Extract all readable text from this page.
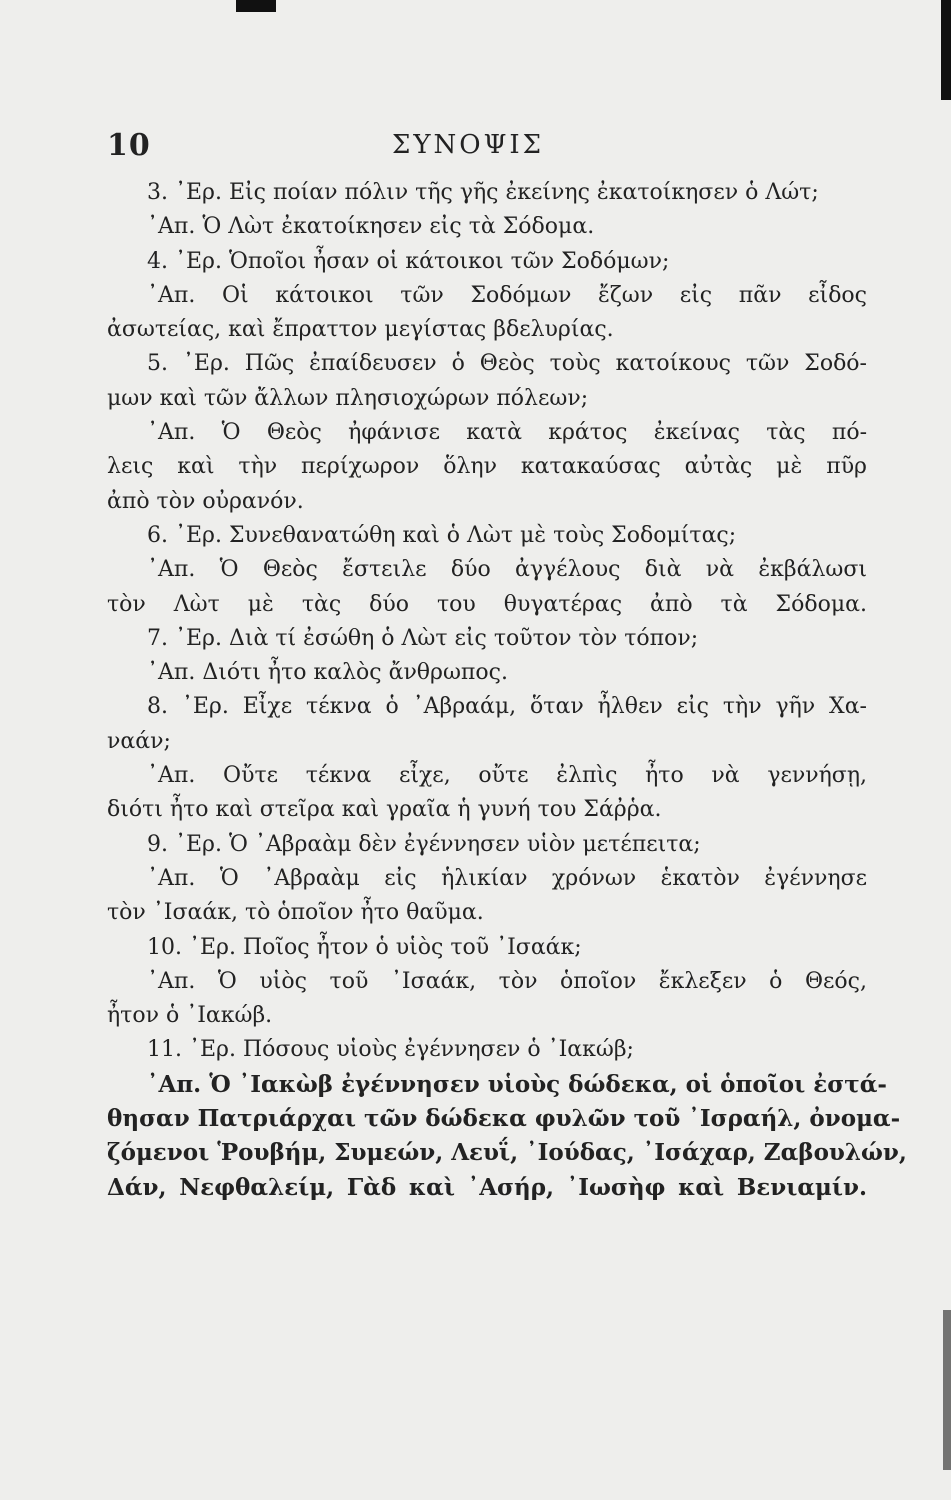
10	ΣΥΝΟΨΙΣ
3. ᾿Ερ. Εἰς ποίαν πόλιν τῆς γῆς ἐκείνης ἐκατοίκησεν ὁ Λώτ;
᾿Απ. Ὁ Λὼτ ἐκατοίκησεν εἰς τὰ Σόδομα.
4. ᾿Ερ. Ὁποῖοι ἦσαν οἱ κάτοικοι τῶν Σοδόμων;
᾿Απ. Οἱ κάτοικοι τῶν Σοδόμων ἔζων εἰς πᾶν εἶδος
ἀσωτείας, καὶ ἔπραττον μεγίστας βδελυρίας.
5. ᾿Ερ. Πῶς ἐπαίδευσεν ὁ Θεὸς τοὺς κατοίκους τῶν Σοδό-
μων καὶ τῶν ἄλλων πλησιοχώρων πόλεων;
᾿Απ. Ὁ Θεὸς ἠφάνισε κατὰ κράτος ἐκείνας τὰς πό-
λεις καὶ τὴν περίχωρον ὅλην κατακαύσας αὐτὰς μὲ πῦρ
ἀπὸ τὸν οὐρανόν.
6. ᾿Ερ. Συνεθανατώθη καὶ ὁ Λὼτ μὲ τοὺς Σοδομίτας;
᾿Απ. Ὁ Θεὸς ἔστειλε δύο ἀγγέλους διὰ νὰ ἐκβάλωσι
τὸν Λὼτ μὲ τὰς δύο του θυγατέρας ἀπὸ τὰ Σόδομα.
7. ᾿Ερ. Διὰ τί ἐσώθη ὁ Λὼτ εἰς τοῦτον τὸν τόπον;
᾿Απ. Διότι ἦτο καλὸς ἄνθρωπος.
8. ᾿Ερ. Εἶχε τέκνα ὁ ᾿Αβραάμ, ὅταν ἦλθεν εἰς τὴν γῆν Χα-
ναάν;
᾿Απ. Οὔτε τέκνα εἶχε, οὔτε ἐλπὶς ἦτο νὰ γεννήσῃ,
διότι ἦτο καὶ στεῖρα καὶ γραῖα ἡ γυνή του Σάῤῥα.
9. ᾿Ερ. Ὁ ᾿Αβραὰμ δὲν ἐγέννησεν υἱὸν μετέπειτα;
᾿Απ. Ὁ ᾿Αβραὰμ εἰς ἡλικίαν χρόνων ἑκατὸν ἐγέννησε
τὸν ᾿Ισαάκ, τὸ ὁποῖον ἦτο θαῦμα.
10. ᾿Ερ. Ποῖος ἦτον ὁ υἱὸς τοῦ ᾿Ισαάκ;
᾿Απ. Ὁ υἱὸς τοῦ ᾿Ισαάκ, τὸν ὁποῖον ἔκλεξεν ὁ Θεός,
ἦτον ὁ ᾿Ιακώβ.
11. ᾿Ερ. Πόσους υἱοὺς ἐγέννησεν ὁ ᾿Ιακώβ;
᾿Απ. Ὁ ᾿Ιακὼβ ἐγέννησεν υἱοὺς δώδεκα, οἱ ὁποῖοι ἐστά-
θησαν Πατριάρχαι τῶν δώδεκα φυλῶν τοῦ ᾿Ισραήλ, ὀνομα-
ζόμενοι Ῥουβήμ, Συμεών, Λευΐ, ᾿Ιούδας, ᾿Ισάχαρ, Ζαβουλών,
Δάν, Νεφθαλείμ, Γὰδ καὶ ᾿Ασήρ, ᾿Ιωσὴφ καὶ Βενιαμίν.
